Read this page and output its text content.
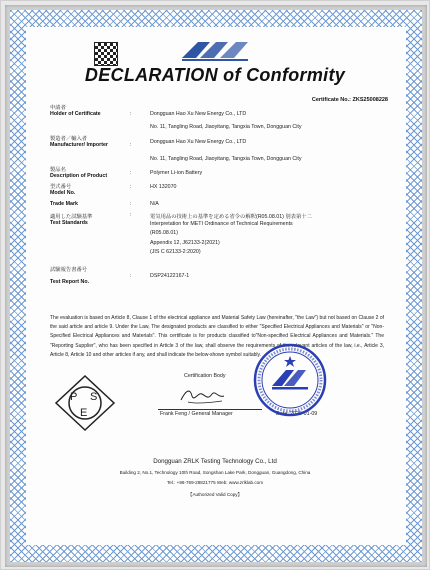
DECLARATION of Conformity
Certificate No.: ZKS25008228
申請者
Holder of Certificate	:	Dongguan Hao Xu New Energy Co., LTD
No. 11, Tangling Road, Jiaoyitang, Tangxia Town, Dongguan City
製造者／輸入者
Manufacturer/ Importer	:	Dongguan Hao Xu New Energy Co., LTD
No. 11, Tangling Road, Jiaoyitang, Tangxia Town, Dongguan City
製品名
Description of Product	:	Polymer Li-ion Battery
型式番号
Model No.
:	HX 132070
Trade Mark	:	N/A
適用した試験基準
Test Standards
:	電気用品の技術上の基準を定める省令の解釈(R05.08.01) 別表第十二
Interpretation for METI Ordinance of Technical Requirements
(R05.08.01)
Appendix 12, J62133-2(2021)
(JIS C 62133-2:2020)
試験報告書番号
Test Report No.
:	DSP24122167-1
The evaluation is based on Article 8, Clause 1 of the electrical appliance and Material Safety Law (hereinafter, "the Law") but not based on Clause 2 of the said article and article 9. Under the Law, The designated products are classified to either "Specified Electrical Appliances and Materials" or "Non-Specified Electrical Appliances and Materials". This certificate is for products classified to"Non-specified Electrical Appliances and Materials." The "Reporting Supplier", who has been specified in Article 3 of the law, shall observe the requirements of the relevant articles of the law, i.e., Article 3, Article 8, Article 10 and other articles if any, and shall indicate the below-shown symbol suitably.
P S
E
Certification Body
Frank Feng / General Manager	Date: 2025-01-09
Dongguan ZRLK Testing Technology Co., Ltd
Building 2, No.1, Technology 10th Road, Songshan Lake Park, Dongguan, Guangdong, China
Tel.: +86-769-28821775 Web: www.zrlklab.com
【Authorized Valid Copy】
